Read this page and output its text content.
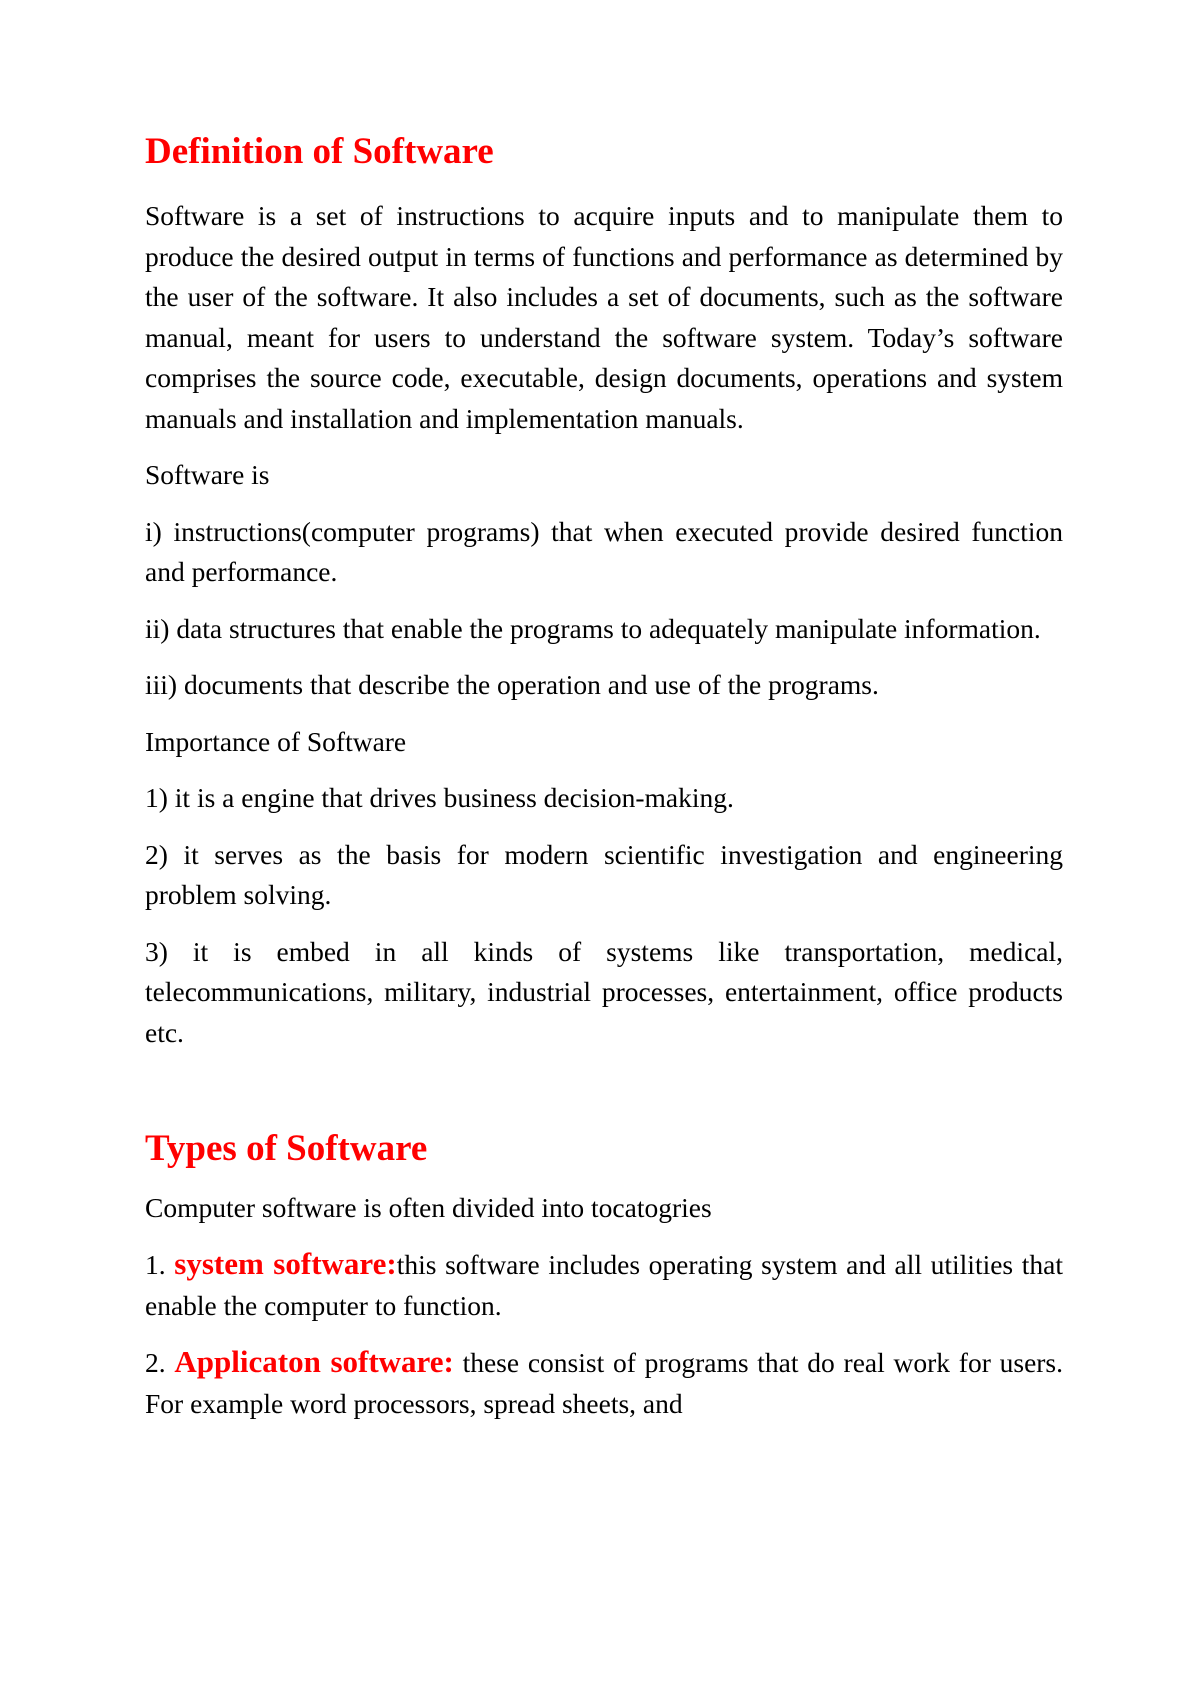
Definition of Software

Software is a set of instructions to acquire inputs and to manipulate them to produce the desired output in terms of functions and performance as determined by the user of the software. It also includes a set of documents, such as the software manual, meant for users to understand the software system. Today’s software comprises the source code, executable, design documents, operations and system manuals and installation and implementation manuals.

Software is

i) instructions(computer programs) that when executed provide desired function and performance.

ii) data structures that enable the programs to adequately manipulate information.

iii) documents that describe the operation and use of the programs.

Importance of Software

1) it is a engine that drives business decision-making.

2) it serves as the basis for modern scientific investigation and engineering problem solving.

3) it is embed in all kinds of systems like transportation, medical, telecommunications, military, industrial processes, entertainment, office products etc.

Types of Software

Computer software is often divided into tocatogries

1. system software:this software includes operating system and all utilities that enable the computer to function.

2. Applicaton software: these consist of programs that do real work for users. For example word processors, spread sheets, and
